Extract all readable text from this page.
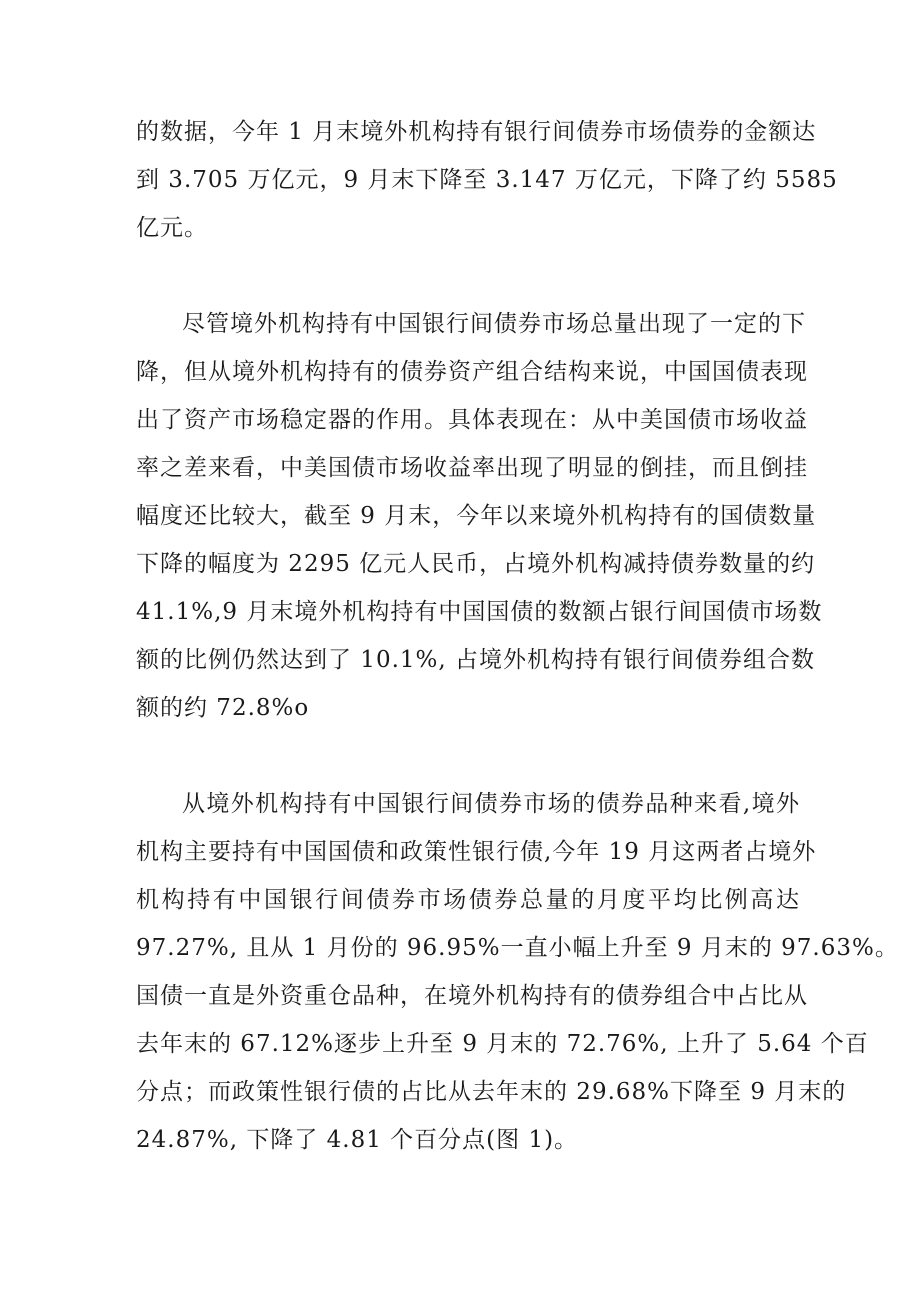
的数据，今年 1 月末境外机构持有银行间债券市场债券的金额达
到 3.705 万亿元，9 月末下降至 3.147 万亿元，下降了约 5585
亿元。
尽管境外机构持有中国银行间债券市场总量出现了一定的下
降，但从境外机构持有的债券资产组合结构来说，中国国债表现
出了资产市场稳定器的作用。具体表现在：从中美国债市场收益
率之差来看，中美国债市场收益率出现了明显的倒挂，而且倒挂
幅度还比较大，截至 9 月末，今年以来境外机构持有的国债数量
下降的幅度为 2295 亿元人民币，占境外机构减持债券数量的约
41.1%,9 月末境外机构持有中国国债的数额占银行间国债市场数
额的比例仍然达到了 10.1%, 占境外机构持有银行间债券组合数
额的约 72.8%o
从境外机构持有中国银行间债券市场的债券品种来看,境外
机构主要持有中国国债和政策性银行债,今年 19 月这两者占境外
机构持有中国银行间债券市场债券总量的月度平均比例高达
97.27%, 且从 1 月份的 96.95%一直小幅上升至 9 月末的 97.63%。
国债一直是外资重仓品种，在境外机构持有的债券组合中占比从
去年末的 67.12%逐步上升至 9 月末的 72.76%, 上升了 5.64 个百
分点；而政策性银行债的占比从去年末的 29.68%下降至 9 月末的
24.87%, 下降了 4.81 个百分点(图 1)。
